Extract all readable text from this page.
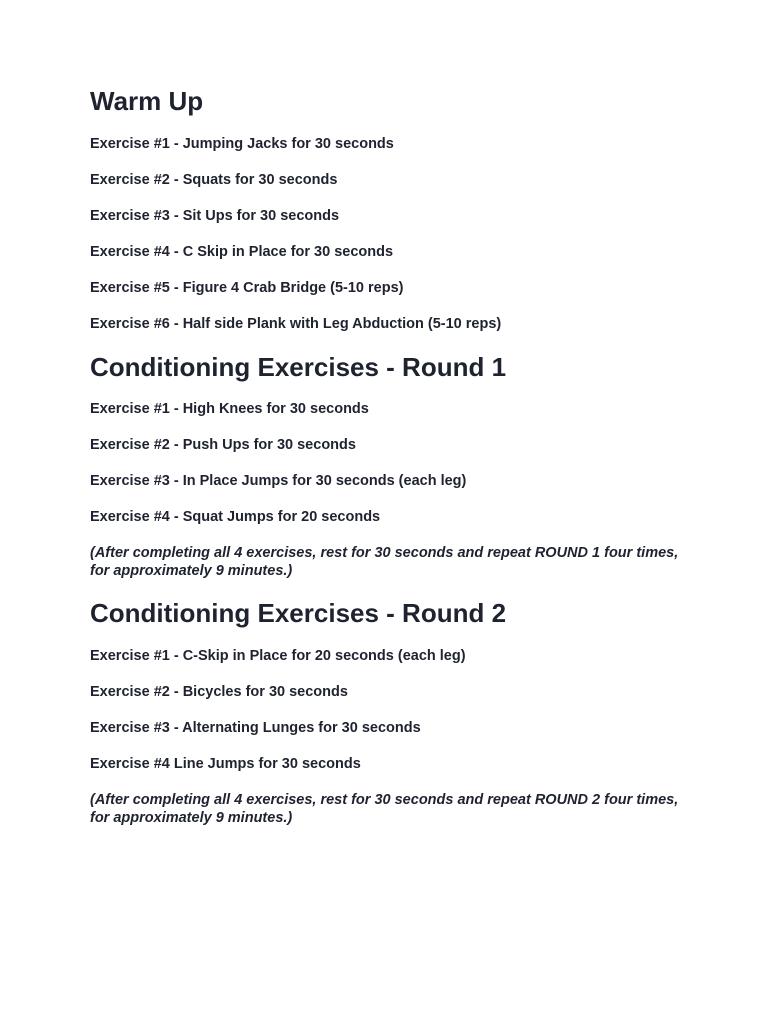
Warm Up

Exercise #1 - Jumping Jacks for 30 seconds

Exercise #2 - Squats for 30 seconds

Exercise #3 - Sit Ups for 30 seconds

Exercise #4 - C Skip in Place for 30 seconds

Exercise #5 - Figure 4 Crab Bridge (5-10 reps)

Exercise #6 - Half side Plank with Leg Abduction (5-10 reps)

Conditioning Exercises - Round 1

Exercise #1 - High Knees for 30 seconds

Exercise #2 - Push Ups for 30 seconds

Exercise #3 - In Place Jumps for 30 seconds (each leg)

Exercise #4 - Squat Jumps for 20 seconds

(After completing all 4 exercises, rest for 30 seconds and repeat ROUND 1 four times, for approximately 9 minutes.)

Conditioning Exercises - Round 2

Exercise #1 - C-Skip in Place for 20 seconds (each leg)

Exercise #2 - Bicycles for 30 seconds

Exercise #3 - Alternating Lunges for 30 seconds

Exercise #4 Line Jumps for 30 seconds

(After completing all 4 exercises, rest for 30 seconds and repeat ROUND 2 four times, for approximately 9 minutes.)
